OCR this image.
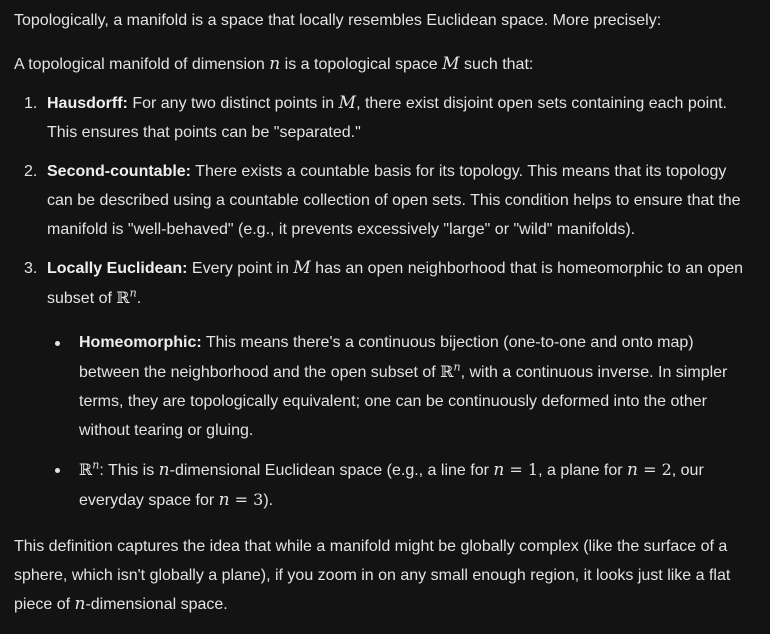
Topologically, a manifold is a space that locally resembles Euclidean space. More precisely:

A topological manifold of dimension n is a topological space M such that:

1. Hausdorff: For any two distinct points in M, there exist disjoint open sets containing each point. This ensures that points can be "separated."
2. Second-countable: There exists a countable basis for its topology. This means that its topology can be described using a countable collection of open sets. This condition helps to ensure that the manifold is "well-behaved" (e.g., it prevents excessively "large" or "wild" manifolds).
3. Locally Euclidean: Every point in M has an open neighborhood that is homeomorphic to an open subset of ℝ$^n$.
Homeomorphic: This means there's a continuous bijection (one-to-one and onto map) between the neighborhood and the open subset of ℝ$^n$, with a continuous inverse. In simpler terms, they are topologically equivalent; one can be continuously deformed into the other without tearing or gluing.
ℝ$^n$: This is n-dimensional Euclidean space (e.g., a line for n = 1, a plane for n = 2, our everyday space for n = 3).

This definition captures the idea that while a manifold might be globally complex (like the surface of a sphere, which isn't globally a plane), if you zoom in on any small enough region, it looks just like a flat piece of n-dimensional space.
